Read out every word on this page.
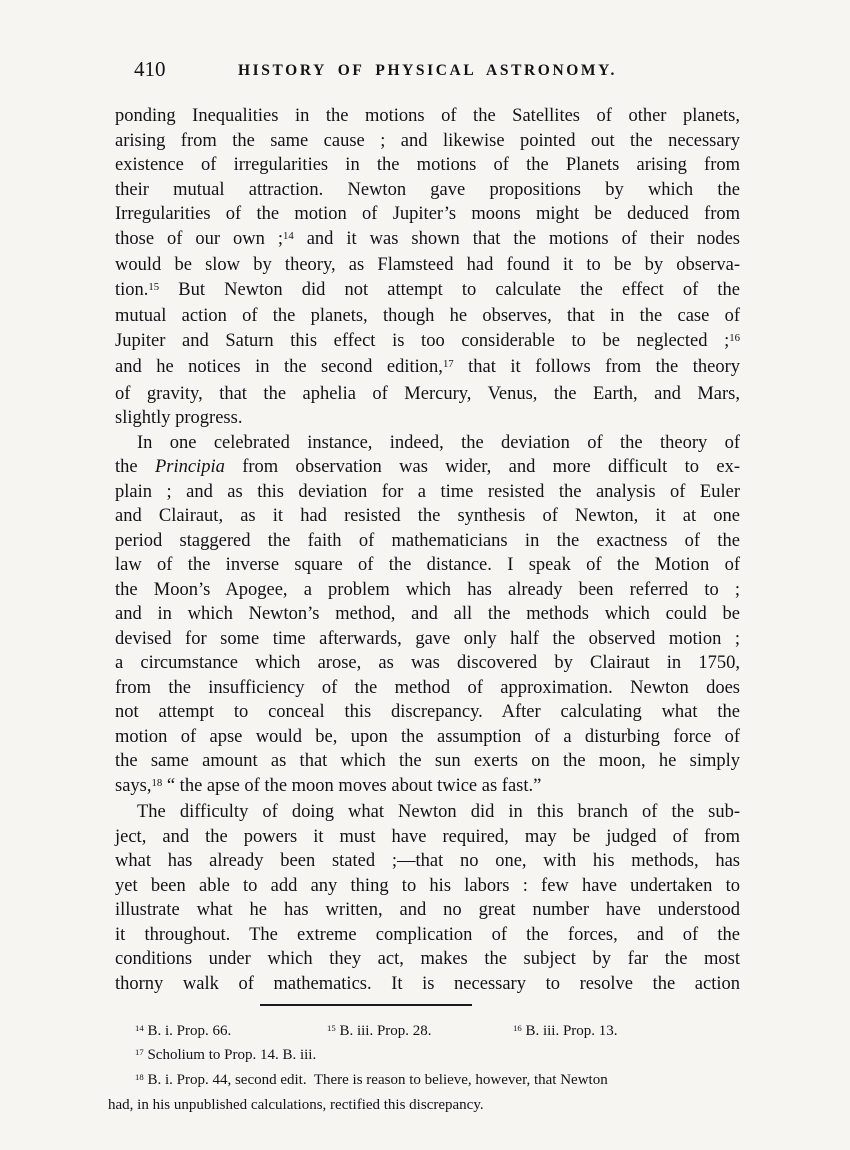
410	HISTORY OF PHYSICAL ASTRONOMY.
ponding Inequalities in the motions of the Satellites of other planets,
arising from the same cause ; and likewise pointed out the necessary
existence of irregularities in the motions of the Planets arising from
their mutual attraction. Newton gave propositions by which the
Irregularities of the motion of Jupiter’s moons might be deduced from
those of our own ;$^{14}$ and it was shown that the motions of their nodes
would be slow by theory, as Flamsteed had found it to be by observa-
tion.$^{15}$ But Newton did not attempt to calculate the effect of the
mutual action of the planets, though he observes, that in the case of
Jupiter and Saturn this effect is too considerable to be neglected ;$^{16}$
and he notices in the second edition,$^{17}$ that it follows from the theory
of gravity, that the aphelia of Mercury, Venus, the Earth, and Mars,
slightly progress.
In one celebrated instance, indeed, the deviation of the theory of
the Principia from observation was wider, and more difficult to ex-
plain ; and as this deviation for a time resisted the analysis of Euler
and Clairaut, as it had resisted the synthesis of Newton, it at one
period staggered the faith of mathematicians in the exactness of the
law of the inverse square of the distance. I speak of the Motion of
the Moon’s Apogee, a problem which has already been referred to ;
and in which Newton’s method, and all the methods which could be
devised for some time afterwards, gave only half the observed motion ;
a circumstance which arose, as was discovered by Clairaut in 1750,
from the insufficiency of the method of approximation. Newton does
not attempt to conceal this discrepancy. After calculating what the
motion of apse would be, upon the assumption of a disturbing force of
the same amount as that which the sun exerts on the moon, he simply
says,$^{18}$ “ the apse of the moon moves about twice as fast.”
The difficulty of doing what Newton did in this branch of the sub-
ject, and the powers it must have required, may be judged of from
what has already been stated ;—that no one, with his methods, has
yet been able to add any thing to his labors : few have undertaken to
illustrate what he has written, and no great number have understood
it throughout. The extreme complication of the forces, and of the
conditions under which they act, makes the subject by far the most
thorny walk of mathematics. It is necessary to resolve the action
$^{14}$ B. i. Prop. 66.	$^{15}$ B. iii. Prop. 28.	$^{16}$ B. iii. Prop. 13.
$^{17}$ Scholium to Prop. 14. B. iii.
$^{18}$ B. i. Prop. 44, second edit.  There is reason to believe, however, that Newton
had, in his unpublished calculations, rectified this discrepancy.
